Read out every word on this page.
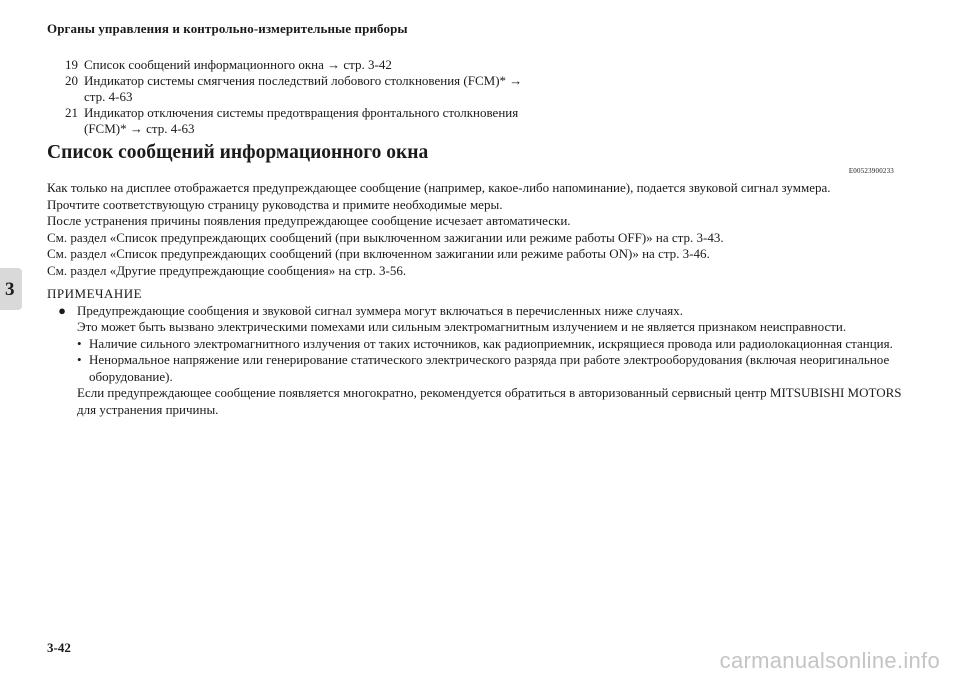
Органы управления и контрольно-измерительные приборы
19 Список сообщений информационного окна → стр. 3-42
20 Индикатор системы смягчения последствий лобового столкновения (FCM)* → стр. 4-63
21 Индикатор отключения системы предотвращения фронтального столкновения (FCM)* → стр. 4-63
Список сообщений информационного окна
E00523900233

Как только на дисплее отображается предупреждающее сообщение (например, какое-либо напоминание), подается звуковой сигнал зуммера.

Прочтите соответствующую страницу руководства и примите необходимые меры.

После устранения причины появления предупреждающее сообщение исчезает автоматически.

См. раздел «Список предупреждающих сообщений (при выключенном зажигании или режиме работы OFF)» на стр. 3-43.

См. раздел «Список предупреждающих сообщений (при включенном зажигании или режиме работы ON)» на стр. 3-46.

См. раздел «Другие предупреждающие сообщения» на стр. 3-56.

3	ПРИМЕЧАНИЕ

● Предупреждающие сообщения и звуковой сигнал зуммера могут включаться в перечисленных ниже случаях.
Это может быть вызвано электрическими помехами или сильным электромагнитным излучением и не является признаком неисправности.
• Наличие сильного электромагнитного излучения от таких источников, как радиоприемник, искрящиеся провода или радиолокационная станция.
• Ненормальное напряжение или генерирование статического электрического разряда при работе электрооборудования (включая неоригинальное оборудование).
Если предупреждающее сообщение появляется многократно, рекомендуется обратиться в авторизованный сервисный центр MITSUBISHI MOTORS для устранения причины.
3-42
carmanualsonline.info
